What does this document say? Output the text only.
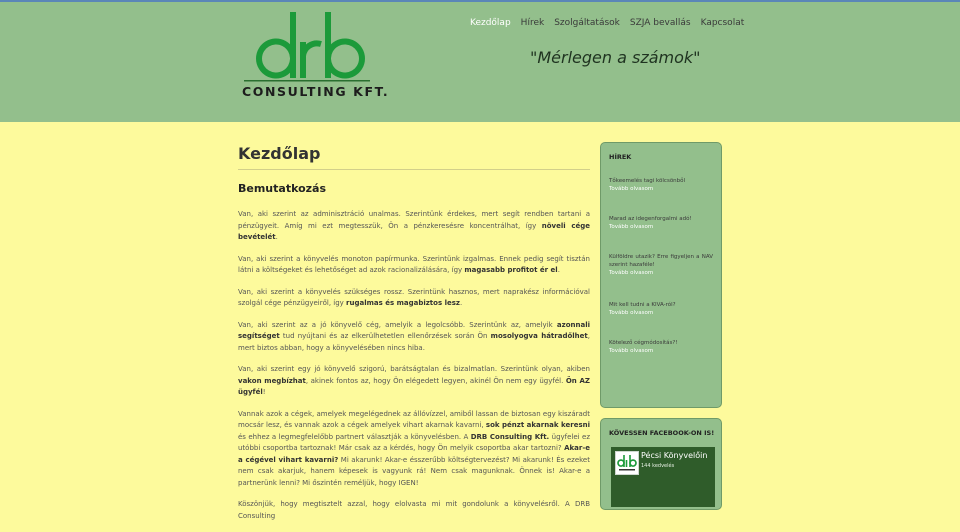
CONSULTING KFT.
Kezdőlap Hírek Szolgáltatások SZJA bevallás Kapcsolat
"Mérlegen a számok"
Kezdőlap
Bemutatkozás

Van, aki szerint az adminisztráció unalmas. Szerintünk érdekes, mert segít rendben tartani a pénzügyeit. Amíg mi ezt megtesszük, Ön a pénzkeresésre koncentrálhat, így növeli cége bevételét.

Van, aki szerint a könyvelés monoton papírmunka. Szerintünk izgalmas. Ennek pedig segít tisztán látni a költségeket és lehetőséget ad azok racionalizálására, így magasabb profitot ér el.

Van, aki szerint a könyvelés szükséges rossz. Szerintünk hasznos, mert naprakész információval szolgál cége pénzügyeiről, így rugalmas és magabiztos lesz.

Van, aki szerint az a jó könyvelő cég, amelyik a legolcsóbb. Szerintünk az, amelyik azonnali segítséget tud nyújtani és az elkerülhetetlen ellenőrzések során Ön mosolyogva hátradőlhet, mert biztos abban, hogy a könyvelésében nincs hiba.

Van, aki szerint egy jó könyvelő szigorú, barátságtalan és bizalmatlan. Szerintünk olyan, akiben vakon megbízhat, akinek fontos az, hogy Ön elégedett legyen, akinél Ön nem egy ügyfél. Ön AZ ügyfél!

Vannak azok a cégek, amelyek megelégednek az állóvízzel, amiből lassan de biztosan egy kiszáradt mocsár lesz, és vannak azok a cégek amelyek vihart akarnak kavarni, sok pénzt akarnak keresni és ehhez a legmegfelelőbb partnert választják a könyvelésben. A DRB Consulting Kft. ügyfelei ez utóbbi csoportba tartoznak! Már csak az a kérdés, hogy Ön melyik csoportba akar tartozni? Akar-e a cégével vihart kavarni? Mi akarunk! Akar-e ésszerűbb költségtervezést? Mi akarunk! És ezeket nem csak akarjuk, hanem képesek is vagyunk rá! Nem csak magunknak. Önnek is! Akar-e a partnerünk lenni? Mi őszintén reméljük, hogy IGEN!

Köszönjük, hogy megtisztelt azzal, hogy elolvasta mi mit gondolunk a könyvelésről. A DRB Consulting

HÍREK
Tőkeemelés tagi kölcsönből
Tovább olvasom
Marad az idegenforgalmi adó!
Tovább olvasom
Külföldre utazik? Erre figyeljen a NAV szerint hazaféle!
Tovább olvasom
Mit kell tudni a KIVA-ról?
Tovább olvasom
Kötelező cégmódosítás?!
Tovább olvasom
KÖVESSEN FACEBOOK-ON IS!
Pécsi Könyvelőin
144 kedvelés
